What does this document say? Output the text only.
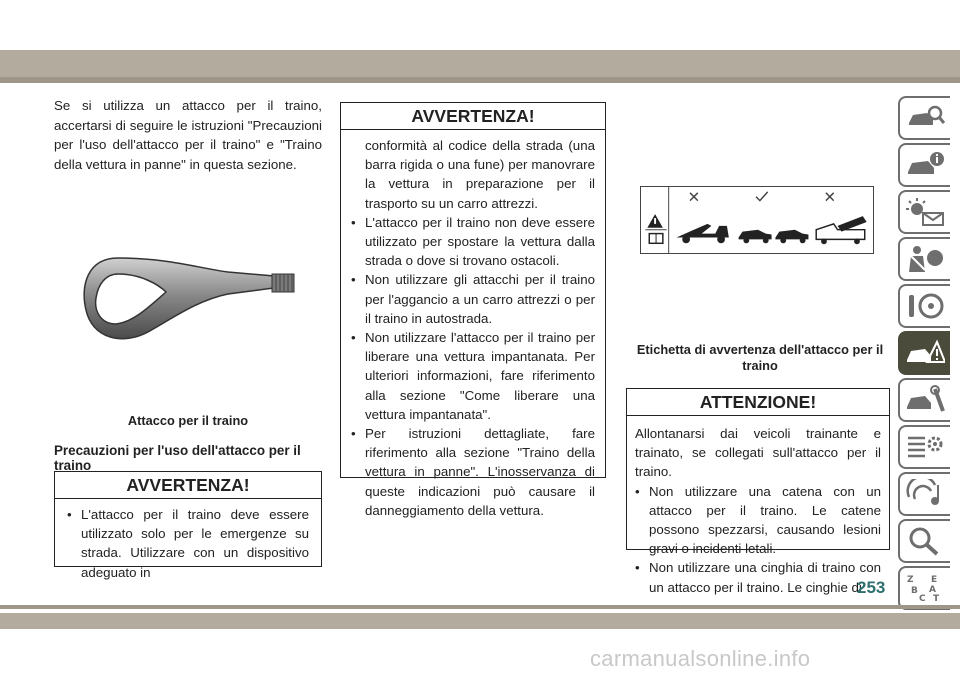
Se si utilizza un attacco per il traino, accertarsi di seguire le istruzioni "Precauzioni per l'uso dell'attacco per il traino" e "Traino della vettura in panne" in questa sezione.

Attacco per il traino
Precauzioni per l'uso dell'attacco per il traino
AVVERTENZA!
• L'attacco per il traino deve essere utilizzato solo per le emergenze su strada. Utilizzare con un dispositivo adeguato in
AVVERTENZA!

conformità al codice della strada (una barra rigida o una fune) per manovrare la vettura in preparazione per il trasporto su un carro attrezzi.

• L'attacco per il traino non deve essere utilizzato per spostare la vettura dalla strada o dove si trovano ostacoli.
• Non utilizzare gli attacchi per il traino per l'aggancio a un carro attrezzi o per il traino in autostrada.
• Non utilizzare l'attacco per il traino per liberare una vettura impantanata. Per ulteriori informazioni, fare riferimento alla sezione "Come liberare una vettura impantanata".
• Per istruzioni dettagliate, fare riferimento alla sezione "Traino della vettura in panne". L'inosservanza di queste indicazioni può causare il danneggiamento della vettura.
Etichetta di avvertenza dell'attacco per il traino
ATTENZIONE!

Allontanarsi dai veicoli trainante e trainato, se collegati sull'attacco per il traino.

• Non utilizzare una catena con un attacco per il traino. Le catene possono spezzarsi, causando lesioni gravi o incidenti letali.
• Non utilizzare una cinghia di traino con un attacco per il traino. Le cinghie di	Z E
B A
C T
253
carmanualsonline.info
